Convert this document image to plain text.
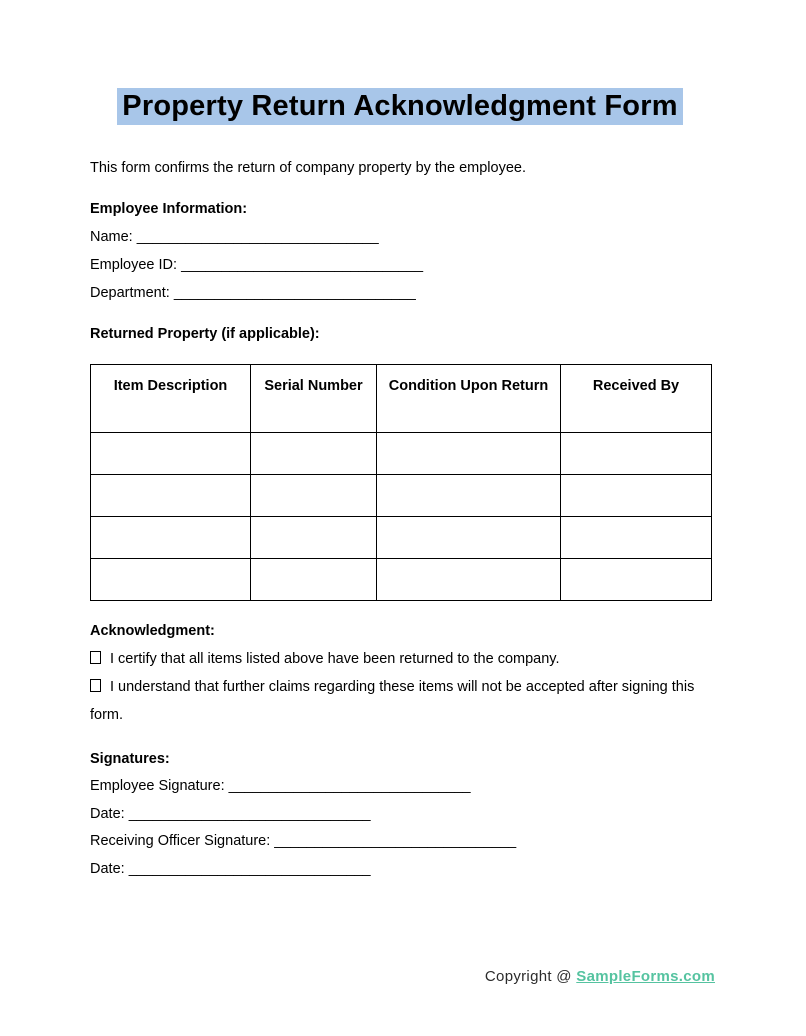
Property Return Acknowledgment Form

This form confirms the return of company property by the employee.

Employee Information:
Name: ______________________________
Employee ID: ______________________________
Department: ______________________________
Returned Property (if applicable):
Item Description	Serial Number	Condition Upon Return	Received By

Acknowledgment:

I certify that all items listed above have been returned to the company.

I understand that further claims regarding these items will not be accepted after signing this form.

Signatures:
Employee Signature: ______________________________
Date: ______________________________
Receiving Officer Signature: ______________________________
Date: ______________________________
Copyright @ SampleForms.com
